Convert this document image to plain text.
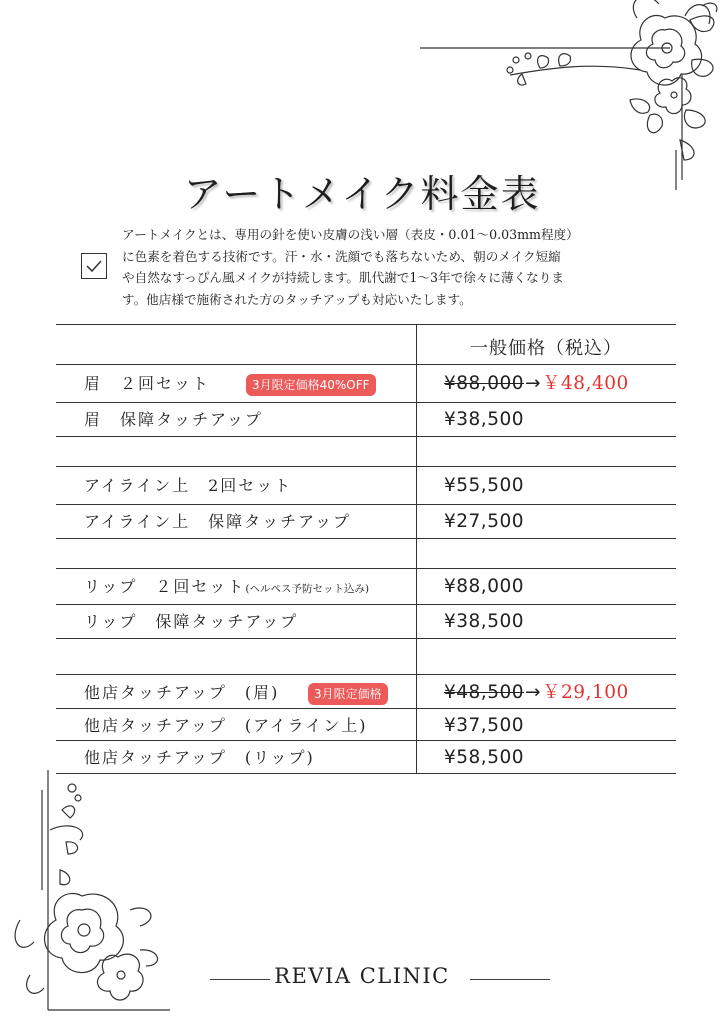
アートメイク料金表
アートメイクとは、専用の針を使い皮膚の浅い層（表皮・0.01〜0.03mm程度）
に色素を着色する技術です。汗・水・洗顔でも落ちないため、朝のメイク短縮
や自然なすっぴん風メイクが持続します。肌代謝で1〜3年で徐々に薄くなりま
す。他店様で施術された方のタッチアップも対応いたします。
一般価格（税込）
眉　２回セット	3月限定価格40%OFF	¥88,000→￥48,400
眉　保障タッチアップ	¥38,500
アイライン上　2回セット	¥55,500
アイライン上　保障タッチアップ	¥27,500
リップ　２回セット(ヘルペス予防セット込み)	¥88,000
リップ　保障タッチアップ	¥38,500
他店タッチアップ　(眉)	3月限定価格	¥48,500→￥29,100
他店タッチアップ　(アイライン上)	¥37,500
他店タッチアップ　(リップ)	¥58,500
REVIA CLINIC
